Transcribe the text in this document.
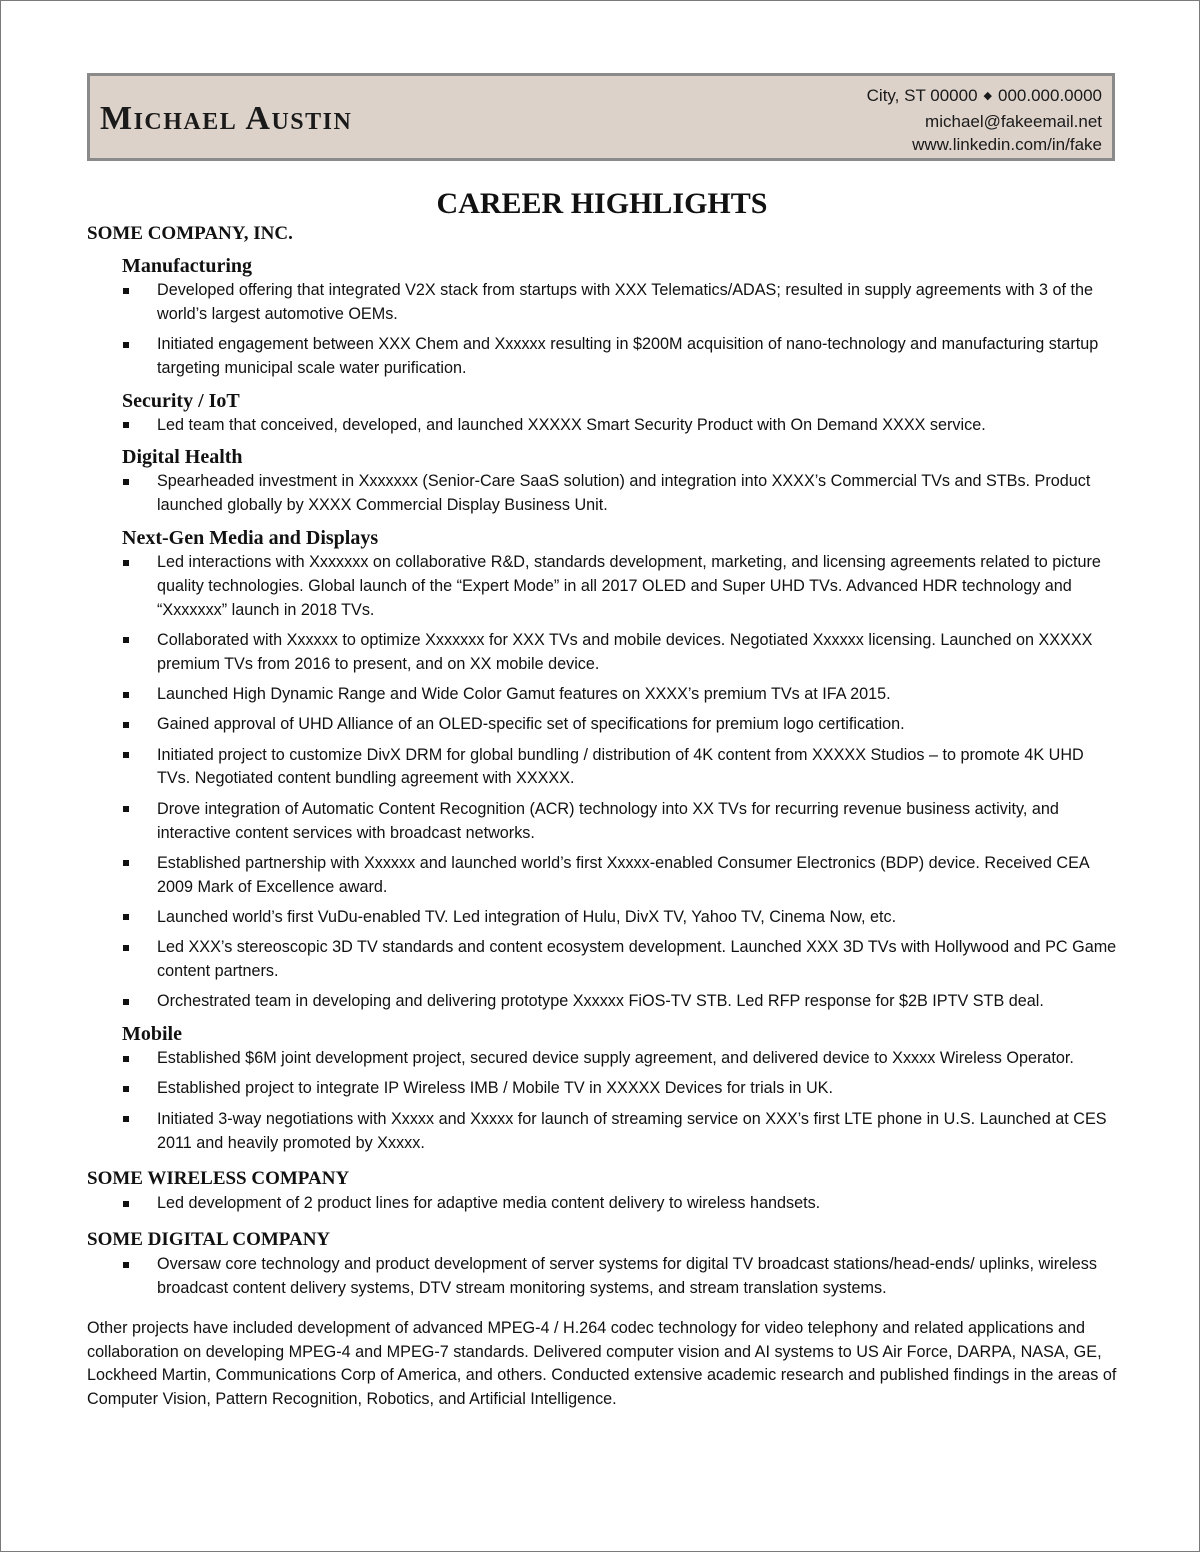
Michael Austin
City, ST 00000 ◆ 000.000.0000
michael@fakeemail.net
www.linkedin.com/in/fake
CAREER HIGHLIGHTS
SOME COMPANY, INC.
Manufacturing
Developed offering that integrated V2X stack from startups with XXX Telematics/ADAS; resulted in supply agreements with 3 of the world’s largest automotive OEMs.
Initiated engagement between XXX Chem and Xxxxxx resulting in $200M acquisition of nano-technology and manufacturing startup targeting municipal scale water purification.
Security / IoT
Led team that conceived, developed, and launched XXXXX Smart Security Product with On Demand XXXX service.
Digital Health
Spearheaded investment in Xxxxxxx (Senior-Care SaaS solution) and integration into XXXX’s Commercial TVs and STBs. Product launched globally by XXXX Commercial Display Business Unit.
Next-Gen Media and Displays
Led interactions with Xxxxxxx on collaborative R&D, standards development, marketing, and licensing agreements related to picture quality technologies. Global launch of the “Expert Mode” in all 2017 OLED and Super UHD TVs. Advanced HDR technology and “Xxxxxxx” launch in 2018 TVs.
Collaborated with Xxxxxx to optimize Xxxxxxx for XXX TVs and mobile devices. Negotiated Xxxxxx licensing. Launched on XXXXX premium TVs from 2016 to present, and on XX mobile device.
Launched High Dynamic Range and Wide Color Gamut features on XXXX’s premium TVs at IFA 2015.
Gained approval of UHD Alliance of an OLED-specific set of specifications for premium logo certification.
Initiated project to customize DivX DRM for global bundling / distribution of 4K content from XXXXX Studios – to promote 4K UHD TVs. Negotiated content bundling agreement with XXXXX.
Drove integration of Automatic Content Recognition (ACR) technology into XX TVs for recurring revenue business activity, and interactive content services with broadcast networks.
Established partnership with Xxxxxx and launched world’s first Xxxxx-enabled Consumer Electronics (BDP) device. Received CEA 2009 Mark of Excellence award.
Launched world’s first VuDu-enabled TV. Led integration of Hulu, DivX TV, Yahoo TV, Cinema Now, etc.
Led XXX’s stereoscopic 3D TV standards and content ecosystem development. Launched XXX 3D TVs with Hollywood and PC Game content partners.
Orchestrated team in developing and delivering prototype Xxxxxx FiOS-TV STB. Led RFP response for $2B IPTV STB deal.
Mobile
Established $6M joint development project, secured device supply agreement, and delivered device to Xxxxx Wireless Operator.
Established project to integrate IP Wireless IMB / Mobile TV in XXXXX Devices for trials in UK.
Initiated 3-way negotiations with Xxxxx and Xxxxx for launch of streaming service on XXX’s first LTE phone in U.S. Launched at CES 2011 and heavily promoted by Xxxxx.
SOME WIRELESS COMPANY
Led development of 2 product lines for adaptive media content delivery to wireless handsets.
SOME DIGITAL COMPANY
Oversaw core technology and product development of server systems for digital TV broadcast stations/head-ends/ uplinks, wireless broadcast content delivery systems, DTV stream monitoring systems, and stream translation systems.
Other projects have included development of advanced MPEG-4 / H.264 codec technology for video telephony and related applications and collaboration on developing MPEG-4 and MPEG-7 standards. Delivered computer vision and AI systems to US Air Force, DARPA, NASA, GE, Lockheed Martin, Communications Corp of America, and others. Conducted extensive academic research and published findings in the areas of Computer Vision, Pattern Recognition, Robotics, and Artificial Intelligence.
